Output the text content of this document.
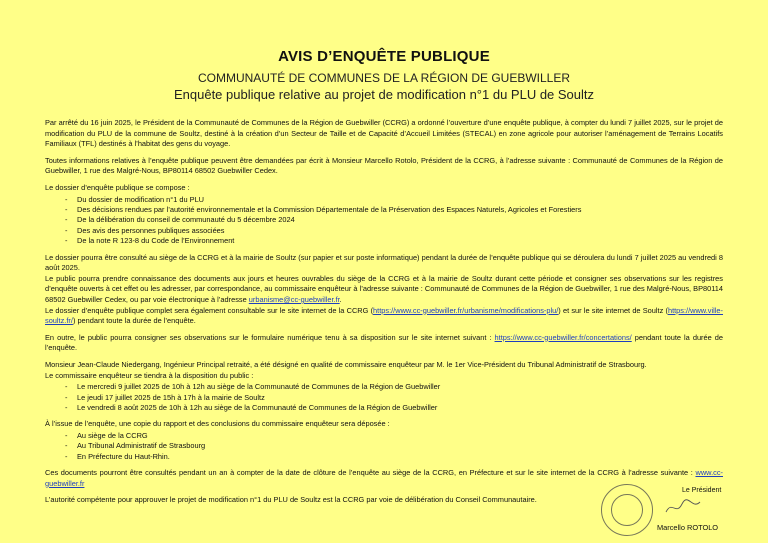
AVIS D’ENQUÊTE PUBLIQUE
COMMUNAUTÉ DE COMMUNES DE LA RÉGION DE GUEBWILLER
Enquête publique relative au projet de modification n°1 du PLU de Soultz

Par arrêté du 16 juin 2025, le Président de la Communauté de Communes de la Région de Guebwiller (CCRG) a ordonné l’ouverture d’une enquête publique, à compter du lundi 7 juillet 2025, sur le projet de modification du PLU de la commune de Soultz, destiné à la création d’un Secteur de Taille et de Capacité d’Accueil Limitées (STECAL) en zone agricole pour autoriser l’aménagement de Terrains Locatifs Familiaux (TFL) destinés à l’habitat des gens du voyage.

Toutes informations relatives à l’enquête publique peuvent être demandées par écrit à Monsieur Marcello Rotolo, Président de la CCRG, à l’adresse suivante : Communauté de Communes de la Région de Guebwiller, 1 rue des Malgré-Nous, BP80114 68502 Guebwiller Cedex.

Le dossier d’enquête publique se compose :

- Du dossier de modification n°1 du PLU
- Des décisions rendues par l’autorité environnementale et la Commission Départementale de la Préservation des Espaces Naturels, Agricoles et Forestiers
- De la délibération du conseil de communauté du 5 décembre 2024
- Des avis des personnes publiques associées
- De la note R 123-8 du Code de l’Environnement

Le dossier pourra être consulté au siège de la CCRG et à la mairie de Soultz (sur papier et sur poste informatique) pendant la durée de l’enquête publique qui se déroulera du lundi 7 juillet 2025 au vendredi 8 août 2025.

Le public pourra prendre connaissance des documents aux jours et heures ouvrables du siège de la CCRG et à la mairie de Soultz durant cette période et consigner ses observations sur les registres d’enquête ouverts à cet effet ou les adresser, par correspondance, au commissaire enquêteur à l’adresse suivante : Communauté de Communes de la Région de Guebwiller, 1 rue des Malgré-Nous, BP80114 68502 Guebwiller Cedex, ou par voie électronique à l’adresse urbanisme@cc-guebwiller.fr.

Le dossier d’enquête publique complet sera également consultable sur le site internet de la CCRG (https://www.cc-guebwiller.fr/urbanisme/modifications-plu/) et sur le site internet de Soultz (https://www.ville-soultz.fr/) pendant toute la durée de l’enquête.

En outre, le public pourra consigner ses observations sur le formulaire numérique tenu à sa disposition sur le site internet suivant : https://www.cc-guebwiller.fr/concertations/ pendant toute la durée de l’enquête.

Monsieur Jean-Claude Niedergang, Ingénieur Principal retraité, a été désigné en qualité de commissaire enquêteur par M. le 1er Vice-Président du Tribunal Administratif de Strasbourg.

Le commissaire enquêteur se tiendra à la disposition du public :

- Le mercredi 9 juillet 2025 de 10h à 12h au siège de la Communauté de Communes de la Région de Guebwiller
- Le jeudi 17 juillet 2025 de 15h à 17h à la mairie de Soultz
- Le vendredi 8 août 2025 de 10h à 12h au siège de la Communauté de Communes de la Région de Guebwiller

À l’issue de l’enquête, une copie du rapport et des conclusions du commissaire enquêteur sera déposée :

- Au siège de la CCRG
- Au Tribunal Administratif de Strasbourg
- En Préfecture du Haut-Rhin.

Ces documents pourront être consultés pendant un an à compter de la date de clôture de l’enquête au siège de la CCRG, en Préfecture et sur le site internet de la CCRG à l’adresse suivante : www.cc-guebwiller.fr

L’autorité compétente pour approuver le projet de modification n°1 du PLU de Soultz est la CCRG par voie de délibération du Conseil Communautaire.

Le Président
Marcello ROTOLO
